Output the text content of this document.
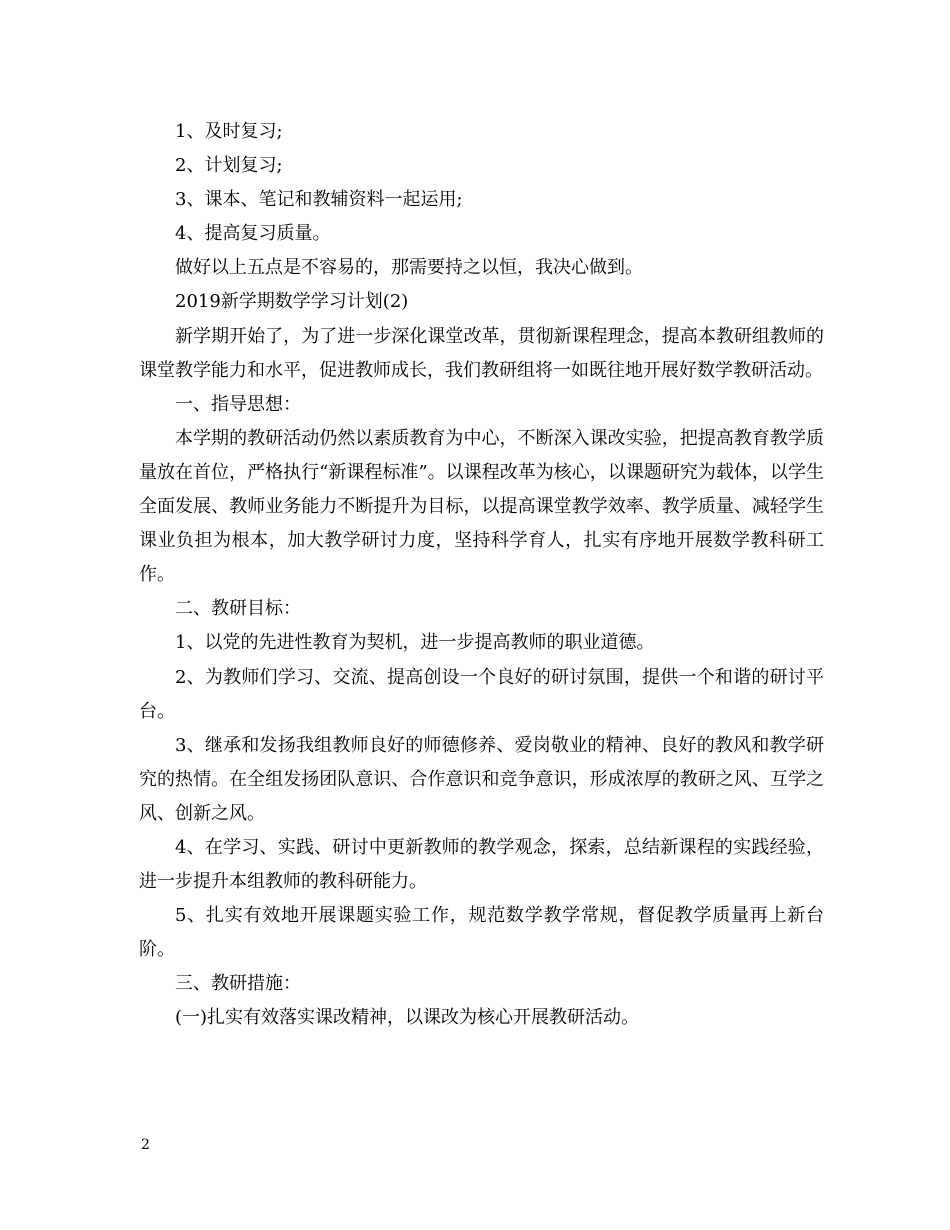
1、及时复习;

2、计划复习;

3、课本、笔记和教辅资料一起运用;

4、提高复习质量。

做好以上五点是不容易的，那需要持之以恒，我决心做到。

2019新学期数学学习计划(2)

新学期开始了，为了进一步深化课堂改革，贯彻新课程理念，提高本教研组教师的课堂教学能力和水平，促进教师成长，我们教研组将一如既往地开展好数学教研活动。

一、指导思想：

本学期的教研活动仍然以素质教育为中心，不断深入课改实验，把提高教育教学质量放在首位，严格执行“新课程标准”。以课程改革为核心，以课题研究为载体，以学生全面发展、教师业务能力不断提升为目标，以提高课堂教学效率、教学质量、减轻学生课业负担为根本，加大教学研讨力度，坚持科学育人，扎实有序地开展数学教科研工作。

二、教研目标：

1、以党的先进性教育为契机，进一步提高教师的职业道德。

2、为教师们学习、交流、提高创设一个良好的研讨氛围，提供一个和谐的研讨平台。

3、继承和发扬我组教师良好的师德修养、爱岗敬业的精神、良好的教风和教学研究的热情。在全组发扬团队意识、合作意识和竞争意识，形成浓厚的教研之风、互学之风、创新之风。

4、在学习、实践、研讨中更新教师的教学观念，探索，总结新课程的实践经验，进一步提升本组教师的教科研能力。

5、扎实有效地开展课题实验工作，规范数学教学常规，督促教学质量再上新台阶。

三、教研措施：

(一)扎实有效落实课改精神，以课改为核心开展教研活动。

2
